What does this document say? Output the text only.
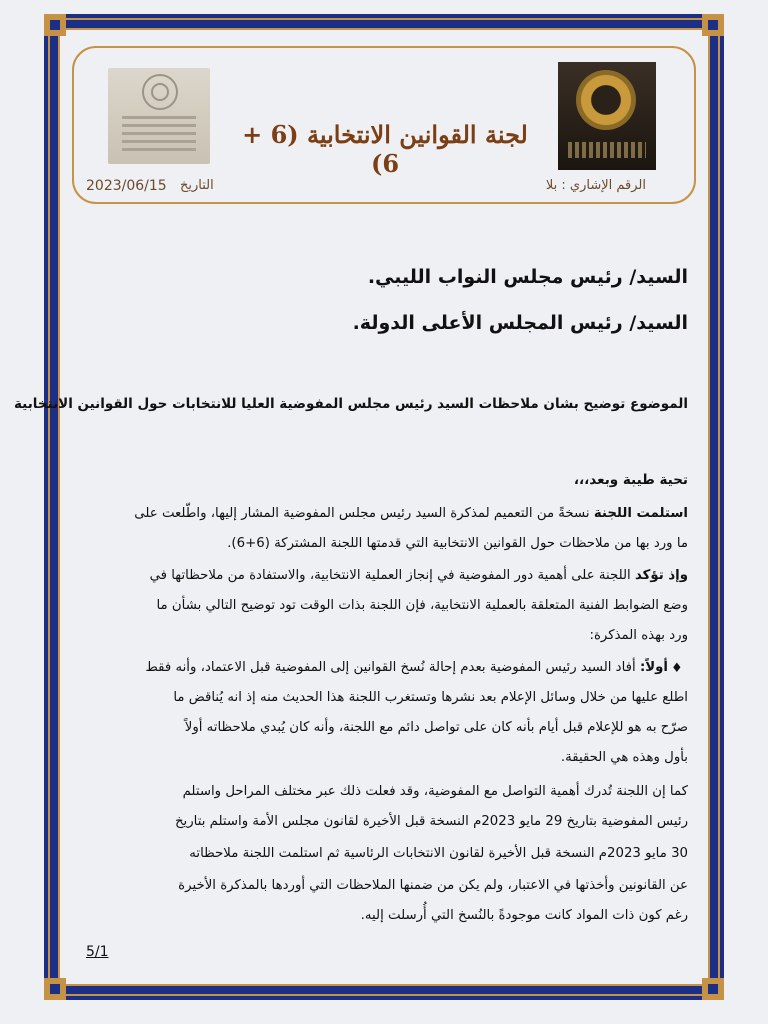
لجنة القوانين الانتخابية (6 + 6)
2023/06/15 التاريخ	الرقم الإشاري : بلا
السيد/ رئيس مجلس النواب الليبي.
السيد/ رئيس المجلس الأعلى الدولة.
الموضوع توضيح بشان ملاحظات السيد رئيس مجلس المفوضية العليا للانتخابات حول القوانين الانتخابية
تحية طيبة وبعد،،،
استلمت اللجنة نسخةً من التعميم لمذكرة السيد رئيس مجلس المفوضية المشار إليها، واطّلعت على
ما ورد بها من ملاحظات حول القوانين الانتخابية التي قدمتها اللجنة المشتركة (6+6).
وإذ تؤكد اللجنة على أهمية دور المفوضية في إنجاز العملية الانتخابية، والاستفادة من ملاحظاتها في
وضع الضوابط الفنية المتعلقة بالعملية الانتخابية، فإن اللجنة بذات الوقت تود توضيح التالي بشأن ما
ورد بهذه المذكرة:
♦
أولاً: أفاد السيد رئيس المفوضية بعدم إحالة نُسخ القوانين إلى المفوضية قبل الاعتماد، وأنه فقط
اطلع عليها من خلال وسائل الإعلام بعد نشرها وتستغرب اللجنة هذا الحديث منه إذ انه يُناقض ما
صرّح به هو للإعلام قبل أيام بأنه كان على تواصل دائم مع اللجنة، وأنه كان يُبدي ملاحظاته أولاً
بأول وهذه هي الحقيقة.
كما إن اللجنة تُدرك أهمية التواصل مع المفوضية، وقد فعلت ذلك عبر مختلف المراحل واستلم
رئيس المفوضية بتاريخ 29 مايو 2023م النسخة قبل الأخيرة لقانون مجلس الأمة واستلم بتاريخ
30 مايو 2023م النسخة قبل الأخيرة لقانون الانتخابات الرئاسية ثم استلمت اللجنة ملاحظاته
عن القانونين وأخذتها في الاعتبار، ولم يكن من ضمنها الملاحظات التي أوردها بالمذكرة الأخيرة
رغم كون ذات المواد كانت موجودةً بالنُسخ التي أُرسلت إليه.
5/1
